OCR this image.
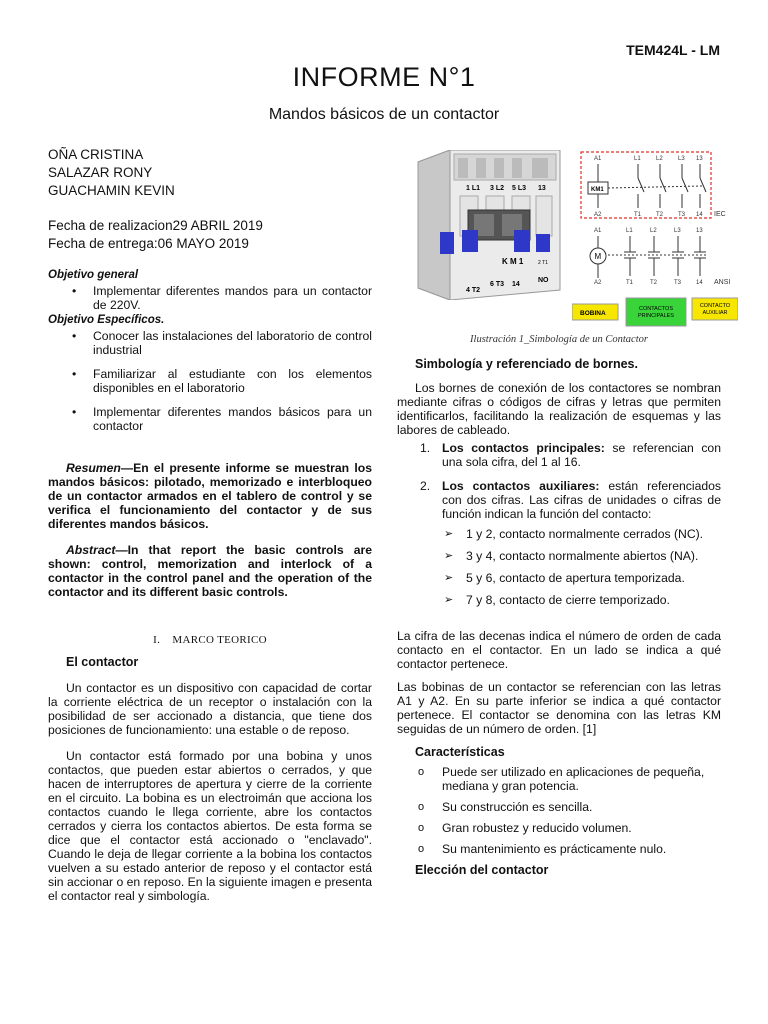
TEM424L - LM
INFORME N°1
Mandos básicos de un contactor
OÑA CRISTINA
SALAZAR RONY
GUACHAMIN KEVIN
Fecha de realizacion29 ABRIL 2019
Fecha de entrega:06 MAYO 2019
Objetivo general
• Implementar diferentes mandos para un contactor de 220V.
Objetivo Específicos.
• Conocer las instalaciones del laboratorio de control industrial
• Familiarizar al estudiante con los elementos disponibles en el laboratorio
• Implementar diferentes mandos básicos para un contactor

Resumen—En el presente informe se muestran los mandos básicos: pilotado, memorizado e interbloqueo de un contactor armados en el tablero de control y se verifica el funcionamiento del contactor y de sus diferentes mandos básicos.

Abstract—In that report the basic controls are shown: control, memorization and interlock of a contactor in the control panel and the operation of the contactor and its different basic controls.

I. MARCO TEORICO
El contactor

Un contactor es un dispositivo con capacidad de cortar la corriente eléctrica de un receptor o instalación con la posibilidad de ser accionado a distancia, que tiene dos posiciones de funcionamiento: una estable o de reposo.

Un contactor está formado por una bobina y unos contactos, que pueden estar abiertos o cerrados, y que hacen de interruptores de apertura y cierre de la corriente en el circuito. La bobina es un electroimán que acciona los contactos cuando le llega corriente, abre los contactos cerrados y cierra los contactos abiertos. De esta forma se dice que el contactor está accionado o "enclavado". Cuando le deja de llegar corriente a la bobina los contactos vuelven a su estado anterior de reposo y el contactor está sin accionar o en reposo. En la siguiente imagen e presenta el contactor real y simbología.

1 L1 3 L2 5 L3 13
K M 1	2 T1
4 T2
6 T3 14
NO
A1	L1	L2	L3 13
KM1
A2	T1 T2 T3 14 IEC
A1	L1	L2	L3	13
M
A2	T1	T2	T3 14 ANSI
BOBINA
CONTACTOS PRINCIPALES
CONTACTO AUXILIAR
Ilustración 1_Simbología de un Contactor
Simbología y referenciado de bornes.

Los bornes de conexión de los contactores se nombran mediante cifras o códigos de cifras y letras que permiten identificarlos, facilitando la realización de esquemas y las labores de cableado.

1. Los contactos principales: se referencian con una sola cifra, del 1 al 16.
2. Los contactos auxiliares: están referenciados con dos cifras. Las cifras de unidades o cifras de función indican la función del contacto:
➢ 1 y 2, contacto normalmente cerrados (NC).
➢ 3 y 4, contacto normalmente abiertos (NA).
➢ 5 y 6, contacto de apertura temporizada.
➢ 7 y 8, contacto de cierre temporizado.

La cifra de las decenas indica el número de orden de cada contacto en el contactor. En un lado se indica a qué contactor pertenece.

Las bobinas de un contactor se referencian con las letras A1 y A2. En su parte inferior se indica a qué contactor pertenece. El contactor se denomina con las letras KM seguidas de un número de orden. [1]

Características
o Puede ser utilizado en aplicaciones de pequeña, mediana y gran potencia.
o Su construcción es sencilla.
o Gran robustez y reducido volumen.
o Su mantenimiento es prácticamente nulo.
Elección del contactor
